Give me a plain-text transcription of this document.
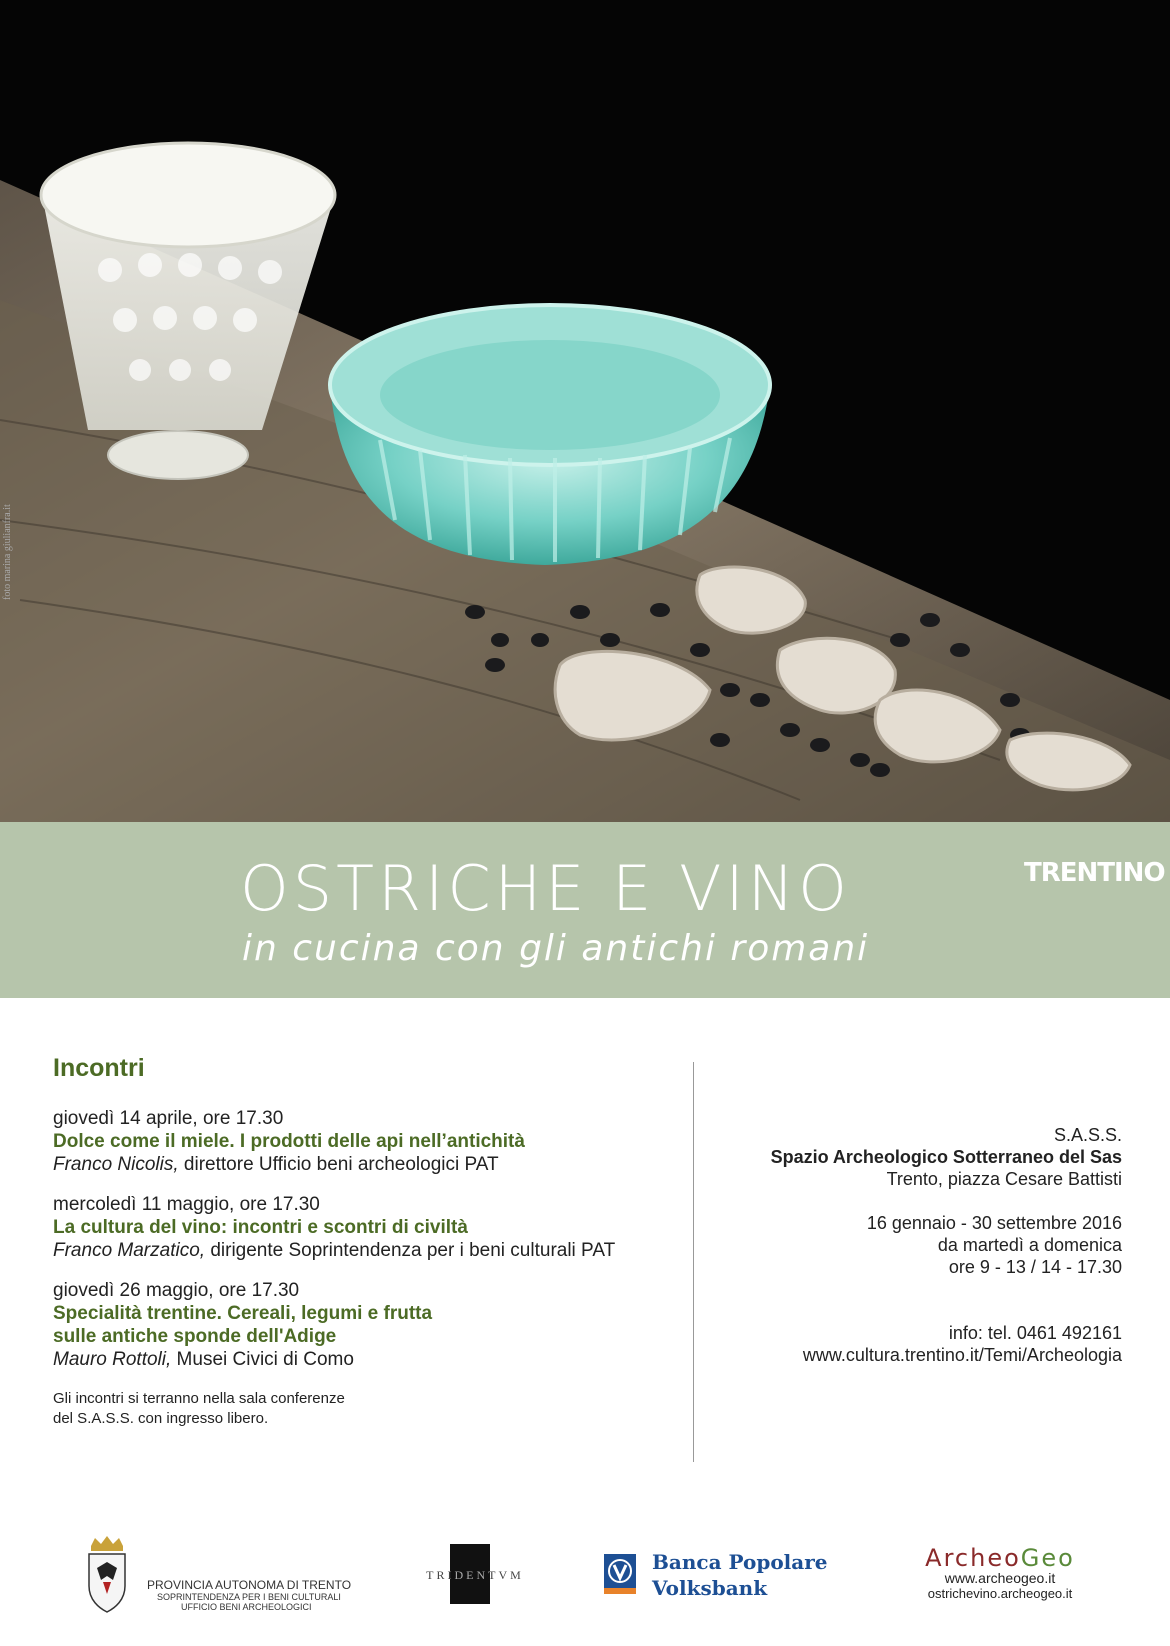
foto marina giulianfra.it
OSTRICHE E VINO
in cucina con gli antichi romani
TRENTINO
Incontri
giovedì 14 aprile, ore 17.30
Dolce come il miele. I prodotti delle api nell’antichità
Franco Nicolis, direttore Ufficio beni archeologici PAT
mercoledì 11 maggio, ore 17.30
La cultura del vino: incontri e scontri di civiltà
Franco Marzatico, dirigente Soprintendenza per i beni culturali PAT
giovedì 26 maggio, ore 17.30
Specialità trentine. Cereali, legumi e frutta
sulle antiche sponde dell'Adige
Mauro Rottoli, Musei Civici di Como
Gli incontri si terranno nella sala conferenze
del S.A.S.S. con ingresso libero.
S.A.S.S.
Spazio Archeologico Sotterraneo del Sas
Trento, piazza Cesare Battisti
16 gennaio - 30 settembre 2016
da martedì a domenica
ore 9 - 13 / 14 - 17.30
info: tel. 0461 492161
www.cultura.trentino.it/Temi/Archeologia
PROVINCIA AUTONOMA DI TRENTO
SOPRINTENDENZA PER I BENI CULTURALI
UFFICIO BENI ARCHEOLOGICI
TRIDENTVM
Banca Popolare
Volksbank
ArcheoGeo
www.archeogeo.it
ostrichevino.archeogeo.it
